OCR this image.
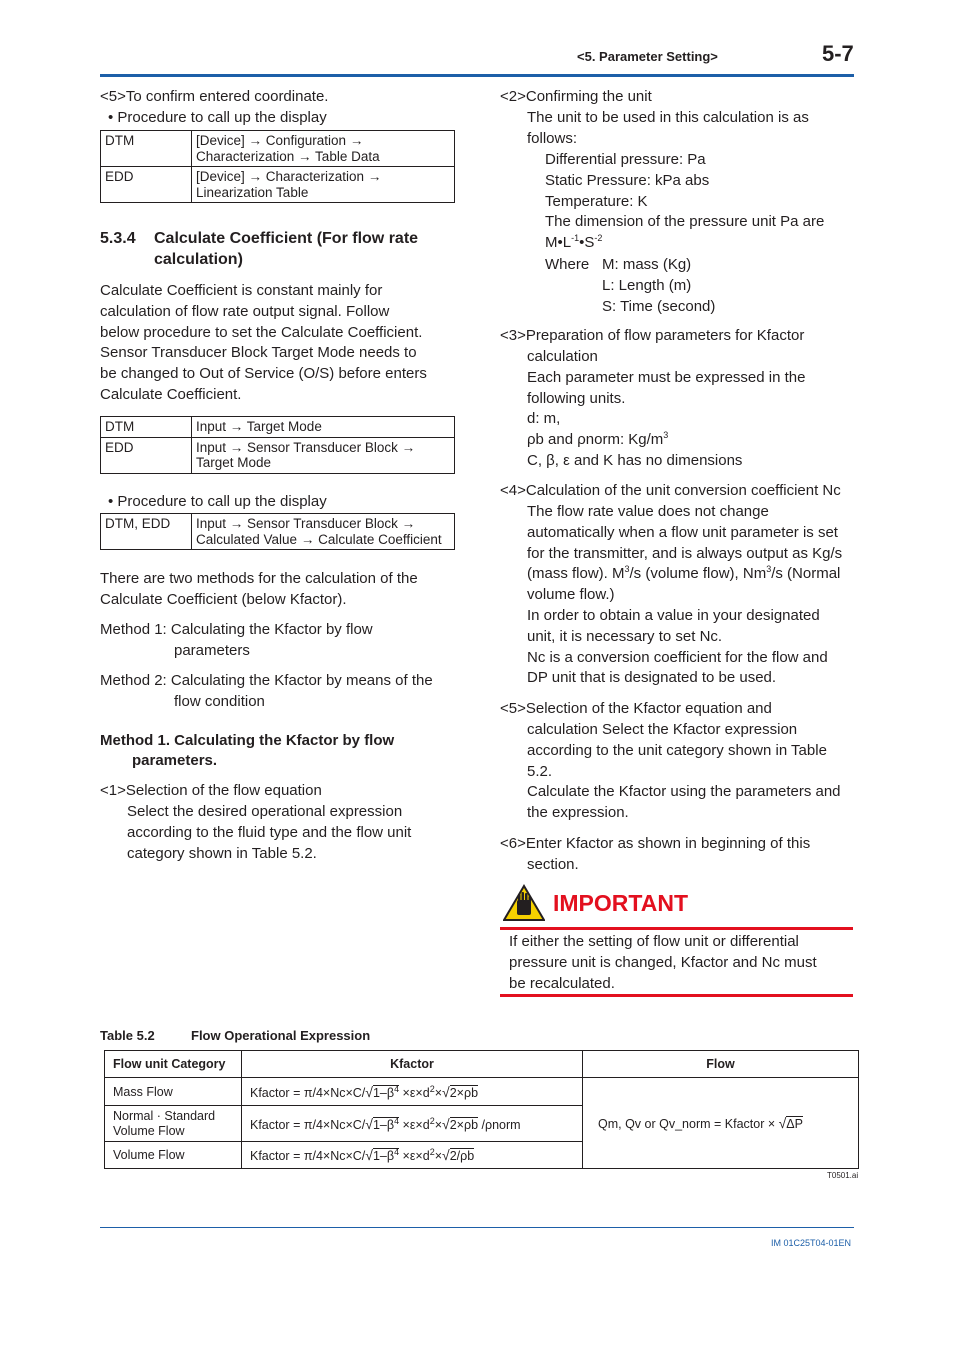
<5. Parameter Setting>	5-7
<5>To confirm entered coordinate.
• Procedure to call up the display
DTM	[Device] → Configuration →
Characterization → Table Data

EDD	[Device] → Characterization →
Linearization Table
5.3.4 Calculate Coefficient (For flow rate
calculation)
Calculate Coefficient is constant mainly for
calculation of flow rate output signal. Follow
below procedure to set the Calculate Coefficient.
Sensor Transducer Block Target Mode needs to
be changed to Out of Service (O/S) before enters
Calculate Coefficient.
DTM	Input → Target Mode
EDD	Input → Sensor Transducer Block →
Target Mode
• Procedure to call up the display
DTM, EDD	Input → Sensor Transducer Block →
Calculated Value → Calculate Coefficient
There are two methods for the calculation of the
Calculate Coefficient (below Kfactor).
Method 1: Calculating the Kfactor by flow
parameters
Method 2: Calculating the Kfactor by means of the
flow condition
Method 1. Calculating the Kfactor by flow
parameters.
<1>Selection of the flow equation
Select the desired operational expression
according to the fluid type and the flow unit
category shown in Table 5.2.
<2>Confirming the unit
The unit to be used in this calculation is as
follows:
Differential pressure: Pa
Static Pressure: kPa abs
Temperature: K
The dimension of the pressure unit Pa are
$M•L^{-1}•S^{-2}$
Where M: mass (Kg)
L: Length (m)
S: Time (second)
<3>Preparation of flow parameters for Kfactor
calculation
Each parameter must be expressed in the
following units.
d: m,
ρb and ρnorm: $Kg/m^3$
C, β, ε and K has no dimensions
<4>Calculation of the unit conversion coefficient Nc
The flow rate value does not change
automatically when a flow unit parameter is set
for the transmitter, and is always output as Kg/s
(mass flow). $M^3/s$ (volume flow), Nm$^3$/s (Normal
volume flow.)
In order to obtain a value in your designated
unit, it is necessary to set Nc.
Nc is a conversion coefficient for the flow and
DP unit that is designated to be used.
<5>Selection of the Kfactor equation and
calculation Select the Kfactor expression
according to the unit category shown in Table
5.2.
Calculate the Kfactor using the parameters and
the expression.
<6>Enter Kfactor as shown in beginning of this
section.
IMPORTANT
If either the setting of flow unit or differential
pressure unit is changed, Kfactor and Nc must
be recalculated.
Table 5.2	Flow Operational Expression
Flow unit Category	Kfactor	Flow

Mass Flow	Kfactor = $\pi/4\times Nc\times C/√1-\beta^4 \times\varepsilon\times d^2\times√2\times\rho b$	Qm, Qv or Qv_norm = Kfactor × √ΔP

Normal · Standard
Volume Flow	Kfactor = $\pi/4\times Nc\times C/√1-\beta^4 \times\varepsilon\times d^2\times√2\times\rho b$ /ρnorm	

Volume Flow	Kfactor = $\pi/4\times Nc\times C/√1-\beta^4 \times\varepsilon\times d^2\times√2/\rho b$	
T0501.ai
IM 01C25T04-01EN
